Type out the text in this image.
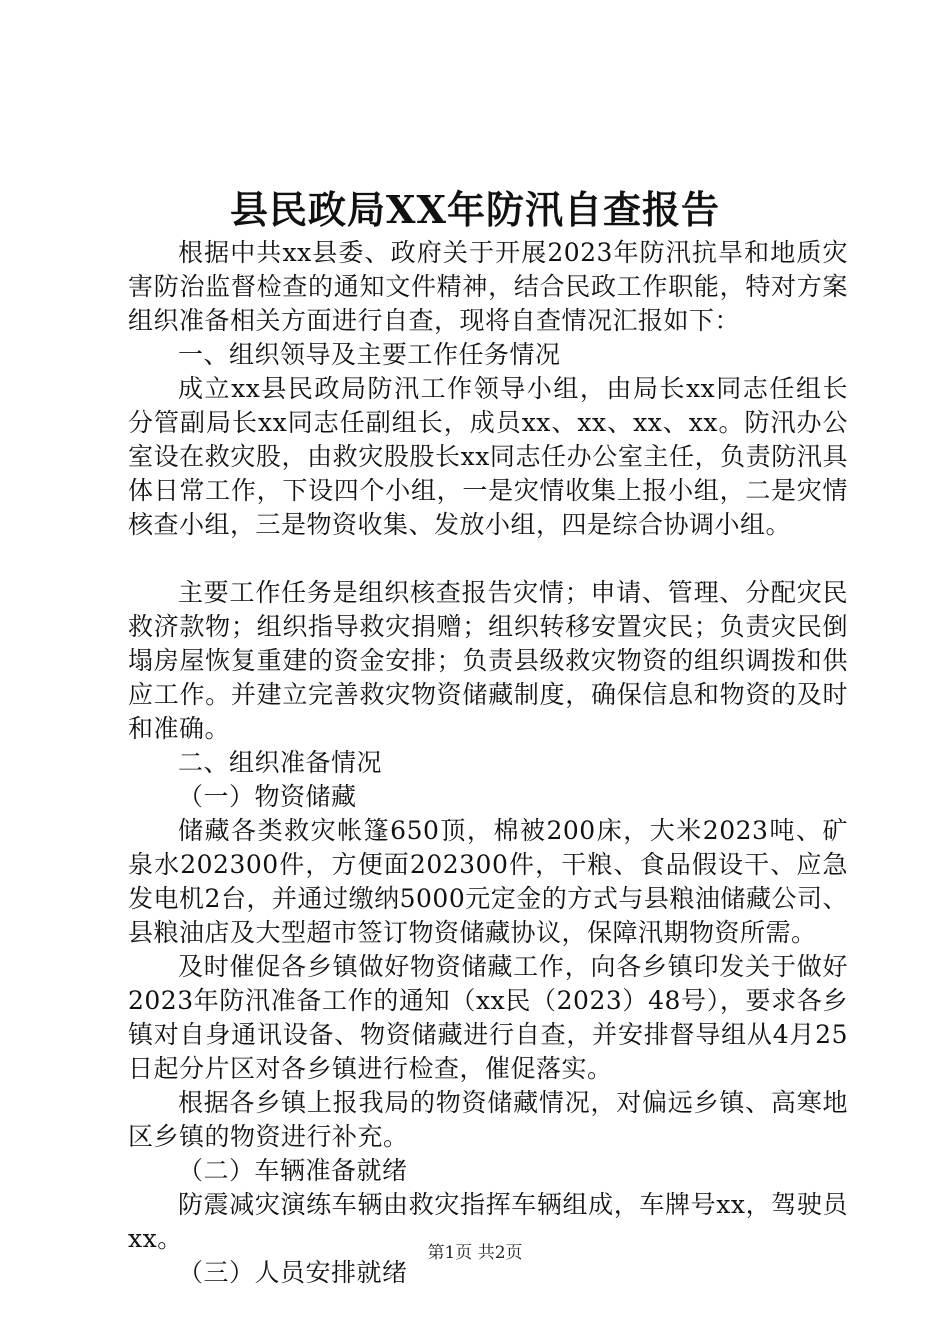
县民政局XX年防汛自查报告

根据中共xx县委、政府关于开展2023年防汛抗旱和地质灾害防治监督检查的通知文件精神，结合民政工作职能，特对方案组织准备相关方面进行自查，现将自查情况汇报如下：

一、组织领导及主要工作任务情况

成立xx县民政局防汛工作领导小组，由局长xx同志任组长分管副局长xx同志任副组长，成员xx、xx、xx、xx。防汛办公室设在救灾股，由救灾股股长xx同志任办公室主任，负责防汛具体日常工作，下设四个小组，一是灾情收集上报小组，二是灾情核查小组，三是物资收集、发放小组，四是综合协调小组。

主要工作任务是组织核查报告灾情；申请、管理、分配灾民救济款物；组织指导救灾捐赠；组织转移安置灾民；负责灾民倒塌房屋恢复重建的资金安排；负责县级救灾物资的组织调拨和供应工作。并建立完善救灾物资储藏制度，确保信息和物资的及时和准确。

二、组织准备情况

（一）物资储藏

储藏各类救灾帐篷650顶，棉被200床，大米2023吨、矿泉水202300件，方便面202300件，干粮、食品假设干、应急发电机2台，并通过缴纳5000元定金的方式与县粮油储藏公司、县粮油店及大型超市签订物资储藏协议，保障汛期物资所需。

及时催促各乡镇做好物资储藏工作，向各乡镇印发关于做好2023年防汛准备工作的通知（xx民（2023）48号），要求各乡镇对自身通讯设备、物资储藏进行自查，并安排督导组从4月25日起分片区对各乡镇进行检查，催促落实。

根据各乡镇上报我局的物资储藏情况，对偏远乡镇、高寒地区乡镇的物资进行补充。

（二）车辆准备就绪

防震减灾演练车辆由救灾指挥车辆组成，车牌号xx，驾驶员xx。

（三）人员安排就绪

第1页 共2页
